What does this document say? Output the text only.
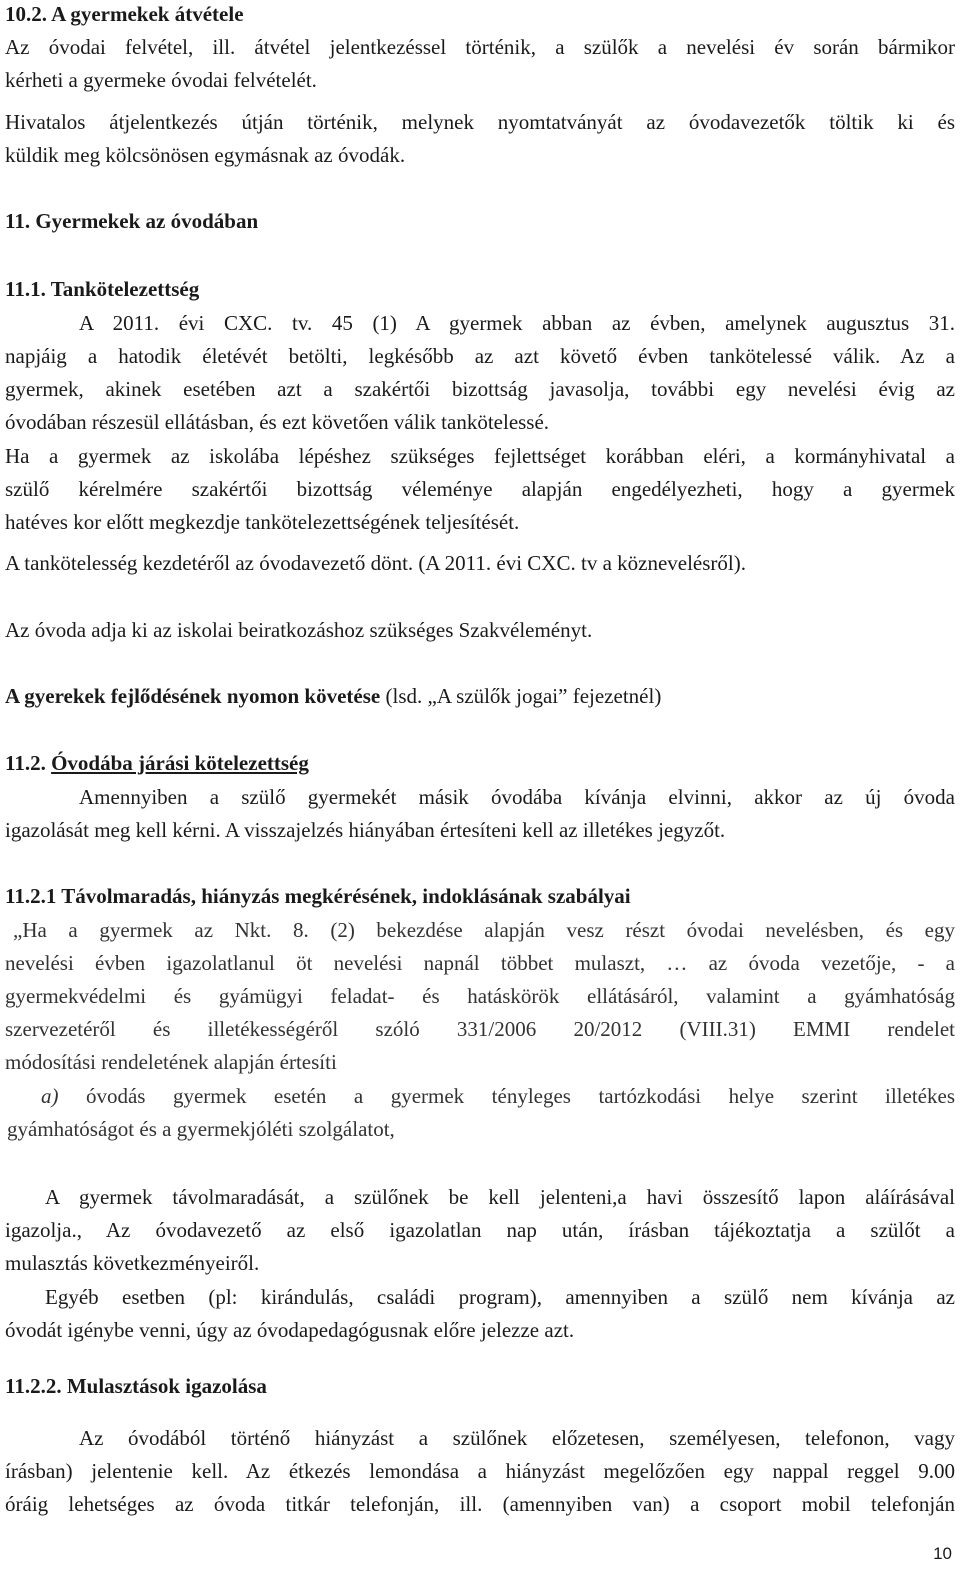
10.2. A gyermekek átvétele
Az óvodai felvétel, ill. átvétel jelentkezéssel történik, a szülők a nevelési év során bármikor
kérheti a gyermeke óvodai felvételét.
Hivatalos átjelentkezés útján történik, melynek nyomtatványát az óvodavezetők töltik ki és
küldik meg kölcsönösen egymásnak az óvodák.
11. Gyermekek az óvodában
11.1. Tankötelezettség
A 2011. évi CXC. tv. 45 (1) A gyermek abban az évben, amelynek augusztus 31.
napjáig a hatodik életévét betölti, legkésőbb az azt követő évben tankötelessé válik. Az a
gyermek, akinek esetében azt a szakértői bizottság javasolja, további egy nevelési évig az
óvodában részesül ellátásban, és ezt követően válik tankötelessé.
Ha a gyermek az iskolába lépéshez szükséges fejlettséget korábban eléri, a kormányhivatal a
szülő kérelmére szakértői bizottság véleménye alapján engedélyezheti, hogy a gyermek
hatéves kor előtt megkezdje tankötelezettségének teljesítését.
A tankötelesség kezdetéről az óvodavezető dönt. (A 2011. évi CXC. tv a köznevelésről).
Az óvoda adja ki az iskolai beiratkozáshoz szükséges Szakvéleményt.
A gyerekek fejlődésének nyomon követése (lsd. „A szülők jogai” fejezetnél)
11.2. Óvodába járási kötelezettség
Amennyiben a szülő gyermekét másik óvodába kívánja elvinni, akkor az új óvoda
igazolását meg kell kérni. A visszajelzés hiányában értesíteni kell az illetékes jegyzőt.
11.2.1 Távolmaradás, hiányzás megkérésének, indoklásának szabályai
„Ha a gyermek az Nkt. 8. (2) bekezdése alapján vesz részt óvodai nevelésben, és egy
nevelési évben igazolatlanul öt nevelési napnál többet mulaszt, … az óvoda vezetője, - a
gyermekvédelmi és gyámügyi feladat- és hatáskörök ellátásáról, valamint a gyámhatóság
szervezetéről és illetékességéről szóló 331/2006 20/2012 (VIII.31) EMMI rendelet
módosítási rendeletének alapján értesíti
a) óvodás gyermek esetén a gyermek tényleges tartózkodási helye szerint illetékes
gyámhatóságot és a gyermekjóléti szolgálatot,
A gyermek távolmaradását, a szülőnek be kell jelenteni,a havi összesítő lapon aláírásával
igazolja., Az óvodavezető az első igazolatlan nap után, írásban tájékoztatja a szülőt a
mulasztás következményeiről.
Egyéb esetben (pl: kirándulás, családi program), amennyiben a szülő nem kívánja az
óvodát igénybe venni, úgy az óvodapedagógusnak előre jelezze azt.
11.2.2. Mulasztások igazolása
Az óvodából történő hiányzást a szülőnek előzetesen, személyesen, telefonon, vagy
írásban) jelentenie kell. Az étkezés lemondása a hiányzást megelőzően egy nappal reggel 9.00
óráig lehetséges az óvoda titkár telefonján, ill. (amennyiben van) a csoport mobil telefonján
10
